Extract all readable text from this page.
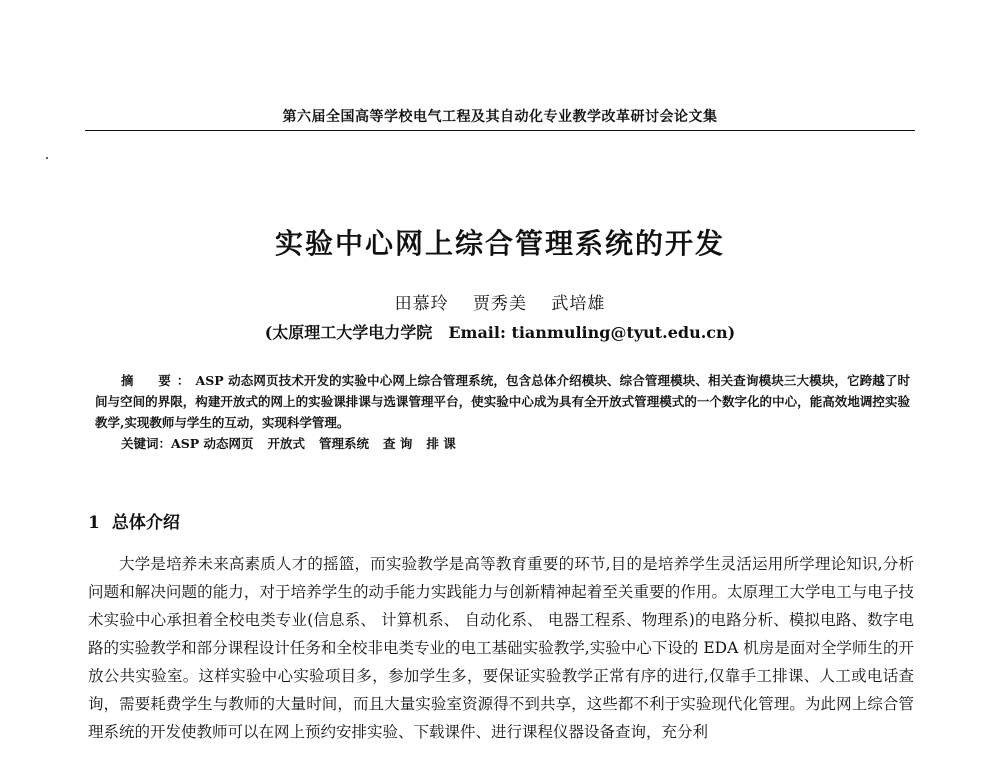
第六届全国高等学校电气工程及其自动化专业教学改革研讨会论文集
实验中心网上综合管理系统的开发
田慕玲 贾秀美 武培雄
(太原理工大学电力学院 Email: tianmuling@tyut.edu.cn)

摘　要：ASP 动态网页技术开发的实验中心网上综合管理系统，包含总体介绍模块、综合管理模块、相关查询模块三大模块，它跨越了时间与空间的界限，构建开放式的网上的实验课排课与选课管理平台，使实验中心成为具有全开放式管理模式的一个数字化的中心，能高效地调控实验教学,实现教师与学生的互动，实现科学管理。

关键词：ASP 动态网页 开放式 管理系统 查 询 排 课

1 总体介绍

大学是培养未来高素质人才的摇篮，而实验教学是高等教育重要的环节,目的是培养学生灵活运用所学理论知识,分析问题和解决问题的能力，对于培养学生的动手能力实践能力与创新精神起着至关重要的作用。太原理工大学电工与电子技术实验中心承担着全校电类专业(信息系、 计算机系、 自动化系、 电器工程系、物理系)的电路分析、模拟电路、数字电路的实验教学和部分课程设计任务和全校非电类专业的电工基础实验教学,实验中心下设的 EDA 机房是面对全学师生的开放公共实验室。这样实验中心实验项目多，参加学生多，要保证实验教学正常有序的进行,仅靠手工排课、人工或电话查询，需要耗费学生与教师的大量时间，而且大量实验室资源得不到共享，这些都不利于实验现代化管理。为此网上综合管理系统的开发使教师可以在网上预约安排实验、下载课件、进行课程仪器设备查询，充分利
